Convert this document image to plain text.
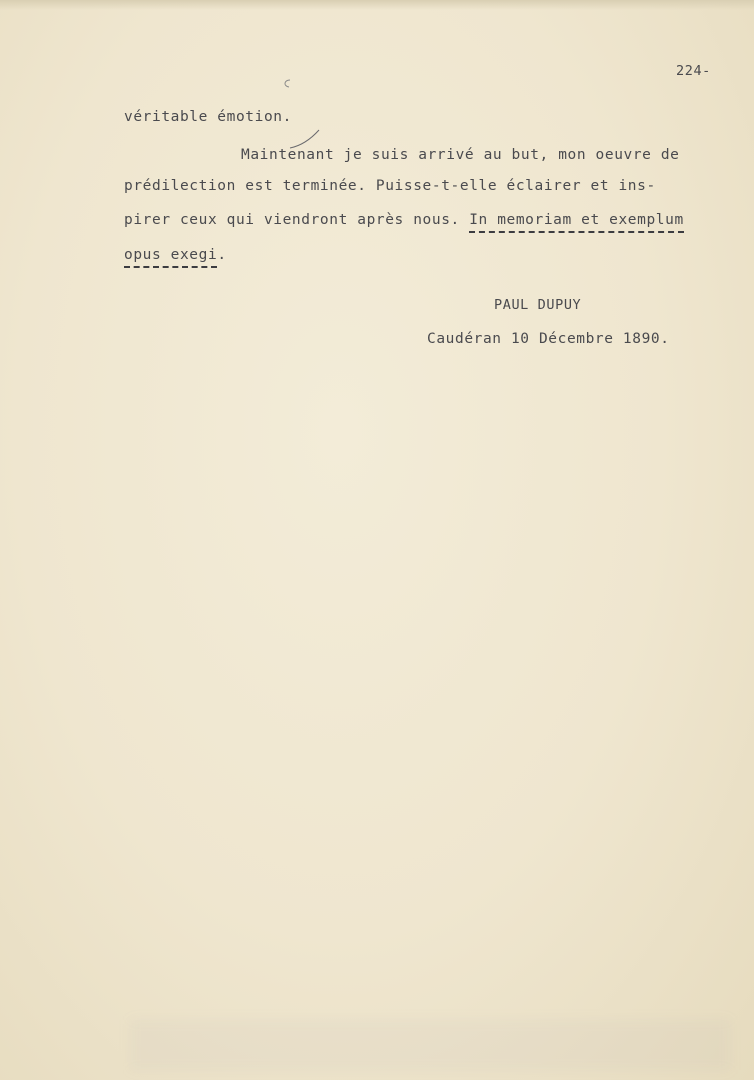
224-
véritable émotion.
Maintenant je suis arrivé au but, mon oeuvre de
prédilection est terminée. Puisse-t-elle éclairer et ins-
pirer ceux qui viendront après nous. In memoriam et exemplum
opus exegi.
PAUL DUPUY
Caudéran 10 Décembre 1890.
